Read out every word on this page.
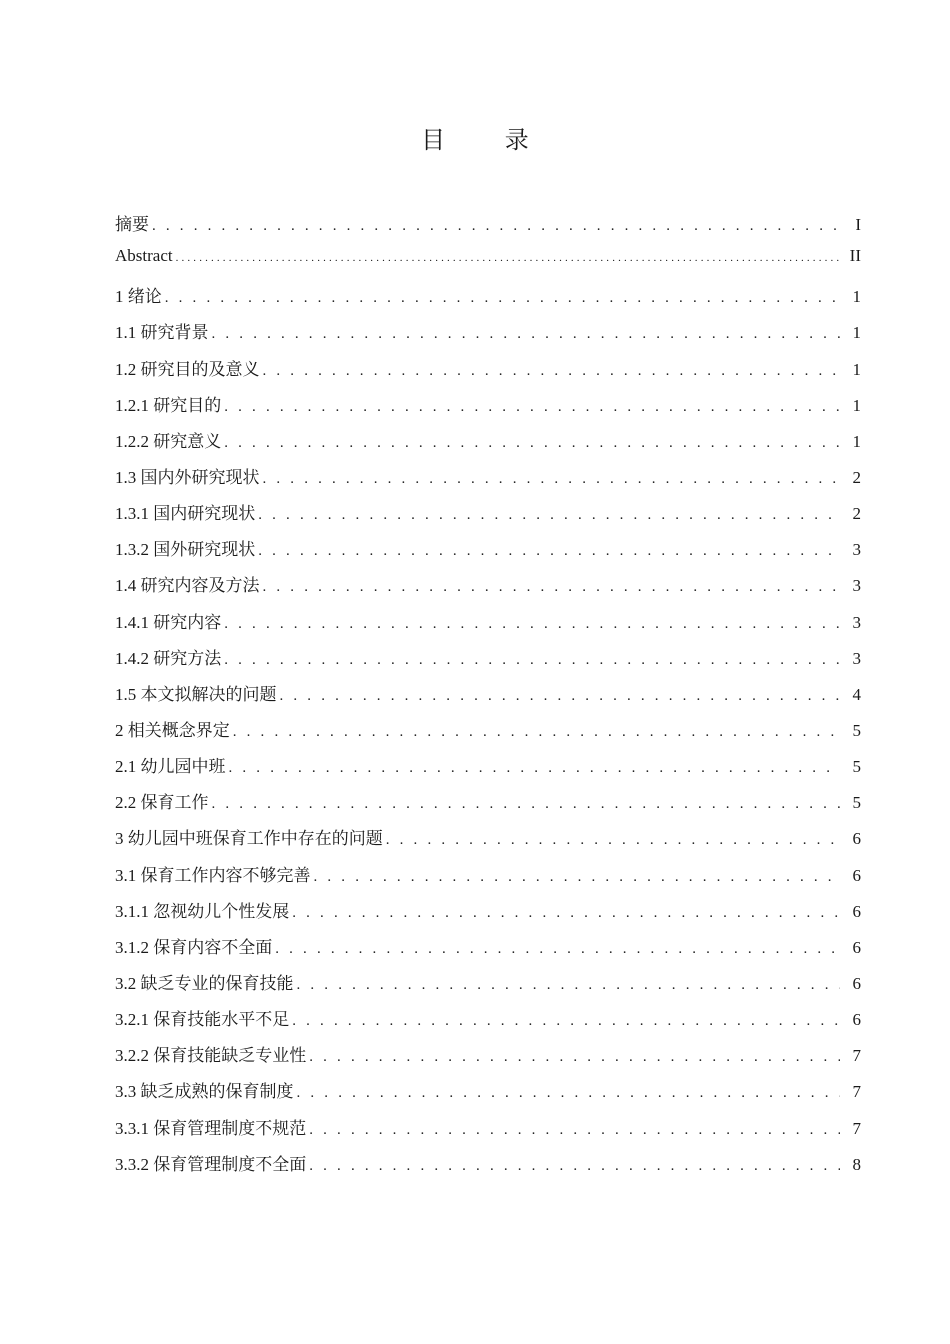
目 录
摘要 . . .	I
Abstract . . .	II
1 绪论 . . .	1
1.1 研究背景 . . .	1
1.2 研究目的及意义 . . .	1
1.2.1 研究目的 . . .	1
1.2.2 研究意义 . . .	1
1.3 国内外研究现状 . . .	2
1.3.1 国内研究现状 . . .	2
1.3.2 国外研究现状 . . .	3
1.4 研究内容及方法 . . .	3
1.4.1 研究内容 . . .	3
1.4.2 研究方法 . . .	3
1.5 本文拟解决的问题 . . .	4
2 相关概念界定 . . .	5
2.1 幼儿园中班 . . .	5
2.2 保育工作 . . .	5
3 幼儿园中班保育工作中存在的问题 . . .	6
3.1 保育工作内容不够完善 . . .	6
3.1.1 忽视幼儿个性发展 . . .	6
3.1.2 保育内容不全面 . . .	6
3.2 缺乏专业的保育技能 . . .	6
3.2.1 保育技能水平不足 . . .	6
3.2.2 保育技能缺乏专业性 . . .	7
3.3 缺乏成熟的保育制度 . . .	7
3.3.1 保育管理制度不规范 . . .	7
3.3.2 保育管理制度不全面 . . .	8
